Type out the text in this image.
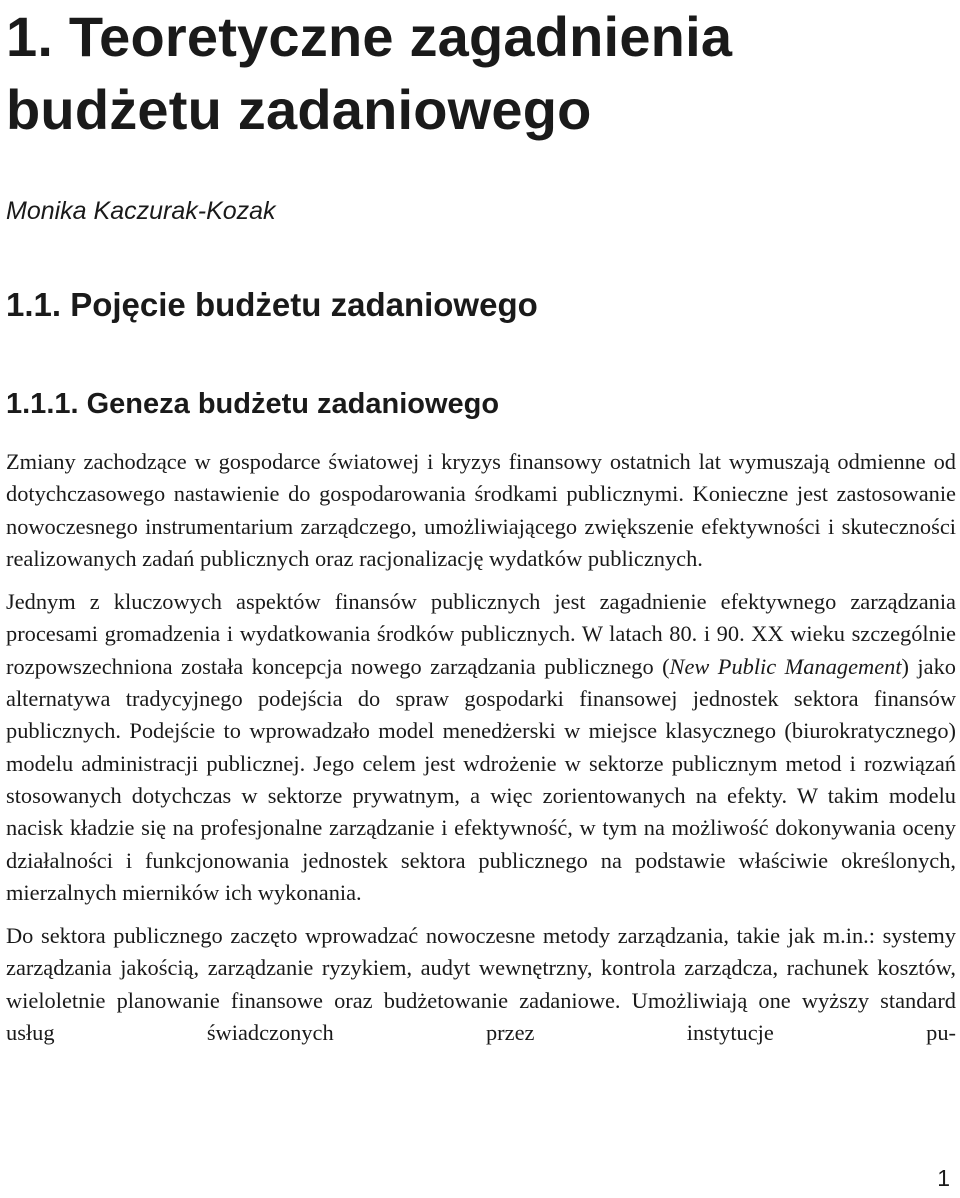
1. Teoretyczne zagadnienia
budżetu zadaniowego

Monika Kaczurak-Kozak

1.1. Pojęcie budżetu zadaniowego
1.1.1. Geneza budżetu zadaniowego

Zmiany zachodzące w gospodarce światowej i kryzys finansowy ostatnich lat wymuszają odmienne od dotychczasowego nastawienie do gospodarowania środkami publicznymi. Konieczne jest zastosowanie nowoczesnego instrumentarium zarządczego, umożliwiającego zwiększenie efektywności i skuteczności realizowanych zadań publicznych oraz racjonalizację wydatków publicznych.

Jednym z kluczowych aspektów finansów publicznych jest zagadnienie efektywnego zarządzania procesami gromadzenia i wydatkowania środków publicznych. W latach 80. i 90. XX wieku szczególnie rozpowszechniona została koncepcja nowego zarządzania publicznego (New Public Management) jako alternatywa tradycyjnego podejścia do spraw gospodarki finansowej jednostek sektora finansów publicznych. Podejście to wprowadzało model menedżerski w miejsce klasycznego (biurokratycznego) modelu administracji publicznej. Jego celem jest wdrożenie w sektorze publicznym metod i rozwiązań stosowanych dotychczas w sektorze prywatnym, a więc zorientowanych na efekty. W takim modelu nacisk kładzie się na profesjonalne zarządzanie i efektywność, w tym na możliwość dokonywania oceny działalności i funkcjonowania jednostek sektora publicznego na podstawie właściwie określonych, mierzalnych mierników ich wykonania.

Do sektora publicznego zaczęto wprowadzać nowoczesne metody zarządzania, takie jak m.in.: systemy zarządzania jakością, zarządzanie ryzykiem, audyt wewnętrzny, kontrola zarządcza, rachunek kosztów, wieloletnie planowanie finansowe oraz budżetowanie zadaniowe. Umożliwiają one wyższy standard usług świadczonych przez instytucje pu-

1
